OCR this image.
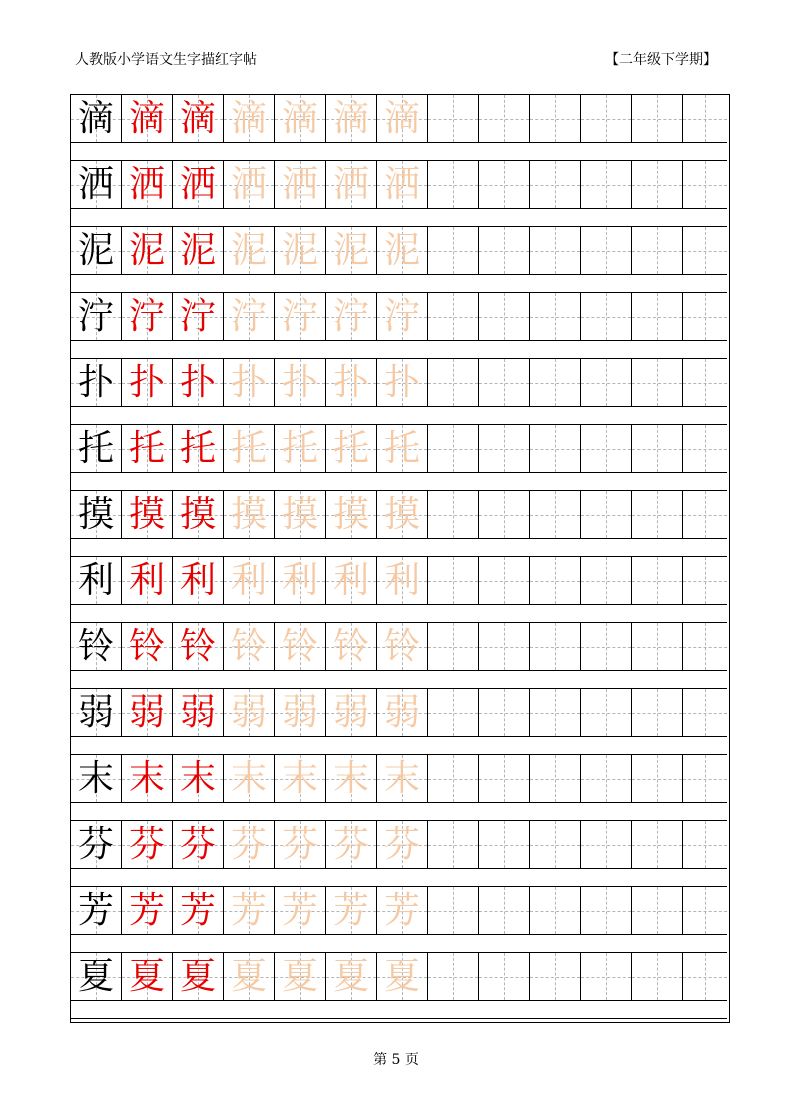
人教版小学语文生字描红字帖	【二年级下学期】
滴 滴 滴 滴 滴 滴 滴
洒 洒 洒 洒 洒 洒 洒
泥 泥 泥 泥 泥 泥 泥
泞 泞 泞 泞 泞 泞 泞
扑 扑 扑 扑 扑 扑 扑
托 托 托 托 托 托 托
摸 摸 摸 摸 摸 摸 摸
利 利 利 利 利 利 利
铃 铃 铃 铃 铃 铃 铃
弱 弱 弱 弱 弱 弱 弱
末 末 末 末 末 末 末
芬 芬 芬 芬 芬 芬 芬
芳 芳 芳 芳 芳 芳 芳
夏 夏 夏 夏 夏 夏 夏
第 5 页
